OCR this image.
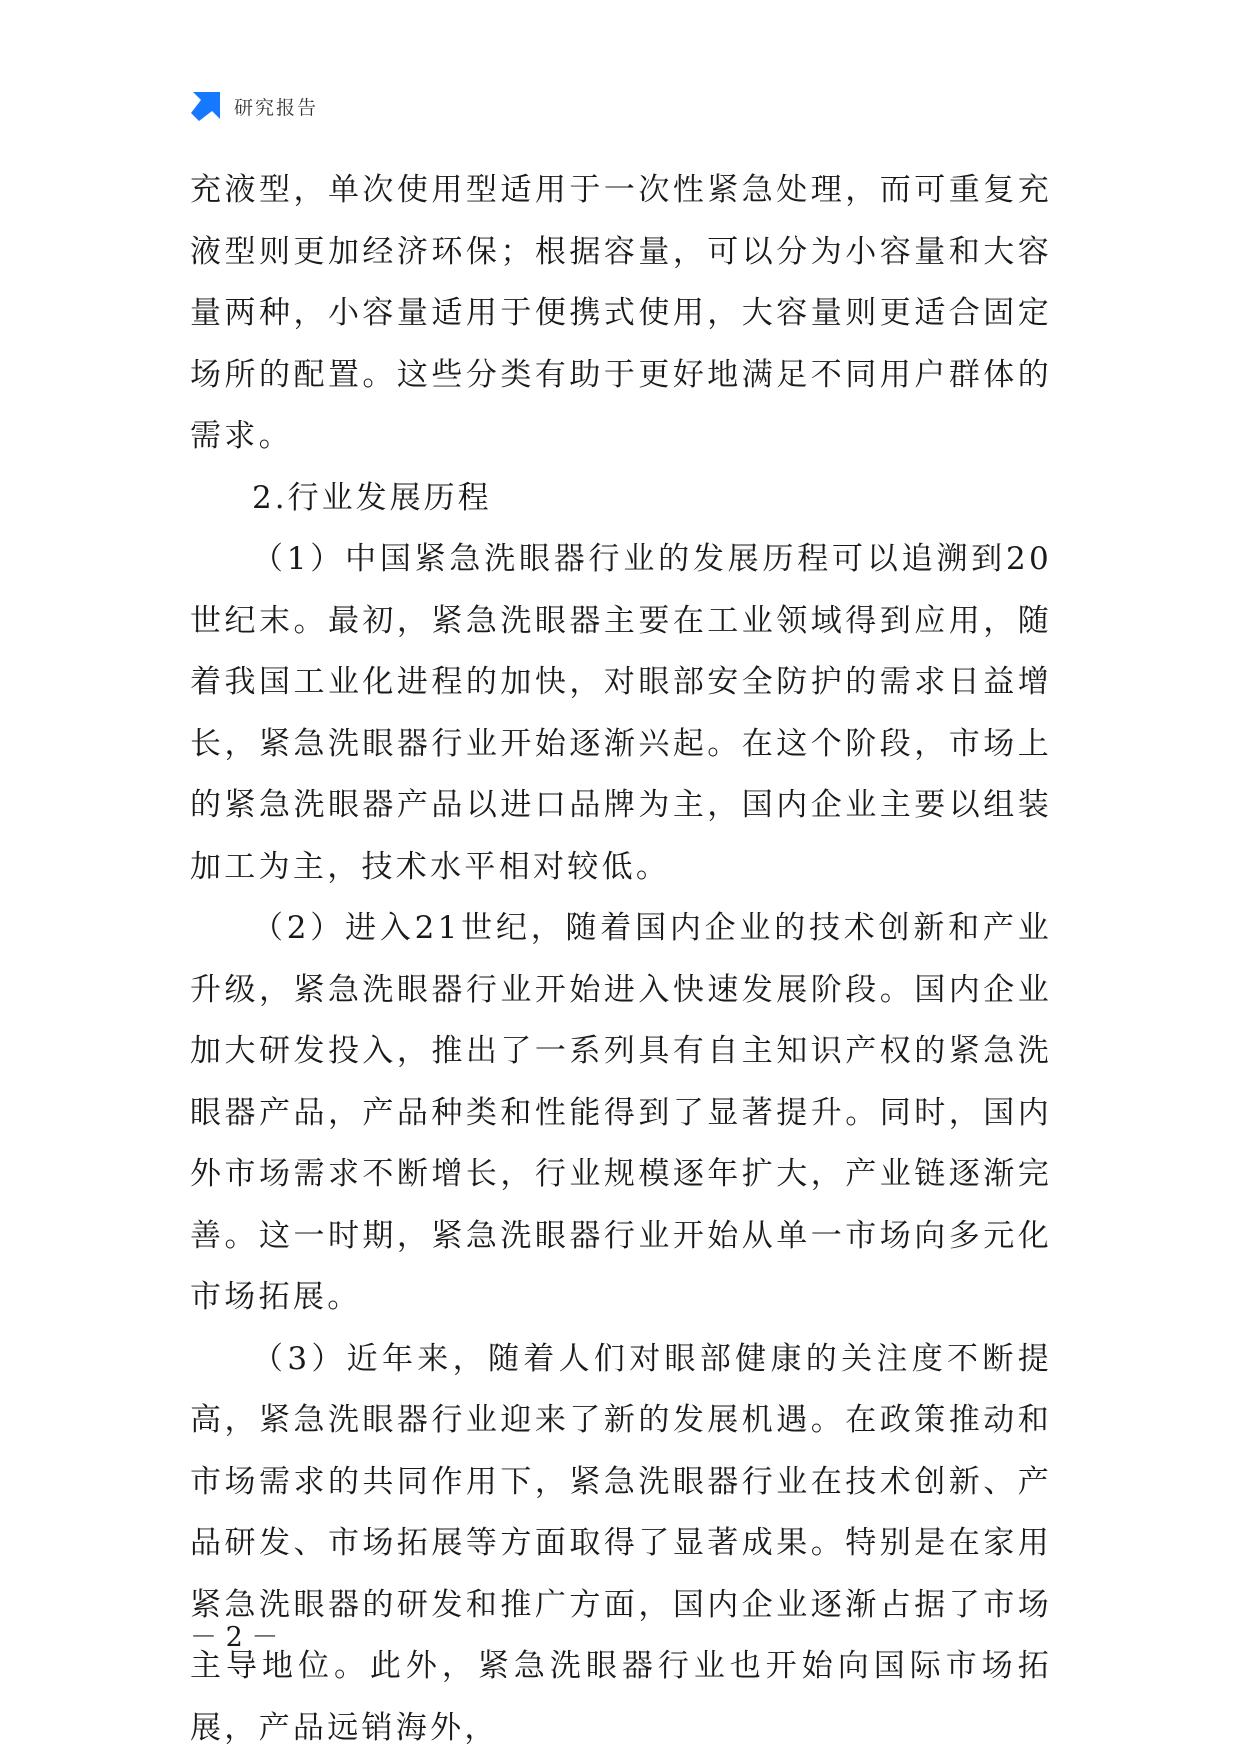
研究报告

充液型，单次使用型适用于一次性紧急处理，而可重复充液型则更加经济环保；根据容量，可以分为小容量和大容量两种，小容量适用于便携式使用，大容量则更适合固定场所的配置。这些分类有助于更好地满足不同用户群体的需求。

2.行业发展历程

（1）中国紧急洗眼器行业的发展历程可以追溯到20世纪末。最初，紧急洗眼器主要在工业领域得到应用，随着我国工业化进程的加快，对眼部安全防护的需求日益增长，紧急洗眼器行业开始逐渐兴起。在这个阶段，市场上的紧急洗眼器产品以进口品牌为主，国内企业主要以组装加工为主，技术水平相对较低。

（2）进入21世纪，随着国内企业的技术创新和产业升级，紧急洗眼器行业开始进入快速发展阶段。国内企业加大研发投入，推出了一系列具有自主知识产权的紧急洗眼器产品，产品种类和性能得到了显著提升。同时，国内外市场需求不断增长，行业规模逐年扩大，产业链逐渐完善。这一时期，紧急洗眼器行业开始从单一市场向多元化市场拓展。

（3）近年来，随着人们对眼部健康的关注度不断提高，紧急洗眼器行业迎来了新的发展机遇。在政策推动和市场需求的共同作用下，紧急洗眼器行业在技术创新、产品研发、市场拓展等方面取得了显著成果。特别是在家用紧急洗眼器的研发和推广方面，国内企业逐渐占据了市场主导地位。此外，紧急洗眼器行业也开始向国际市场拓展，产品远销海外，

－ 2 －
